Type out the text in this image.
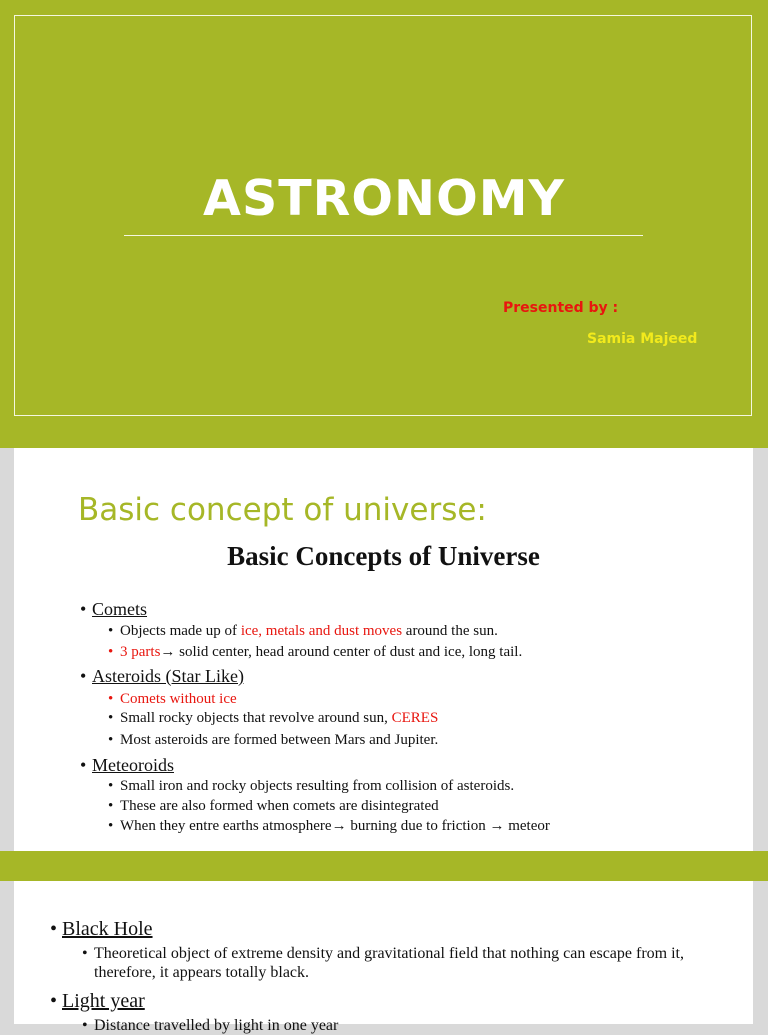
ASTRONOMY
Presented by :
Samia Majeed
Basic concept of universe:
Basic Concepts of Universe
• Comets
• Objects made up of ice, metals and dust moves around the sun.
• 3 parts→ solid center, head around center of dust and ice, long tail.
• Asteroids (Star Like)
• Comets without ice
• Small rocky objects that revolve around sun, CERES
• Most asteroids are formed between Mars and Jupiter.
• Meteoroids
• Small iron and rocky objects resulting from collision of asteroids.
• These are also formed when comets are disintegrated
• When they entre earths atmosphere→ burning due to friction → meteor
• Black Hole
• Theoretical object of extreme density and gravitational field that nothing can escape from it,
therefore, it appears totally black.
• Light year
• Distance travelled by light in one year
